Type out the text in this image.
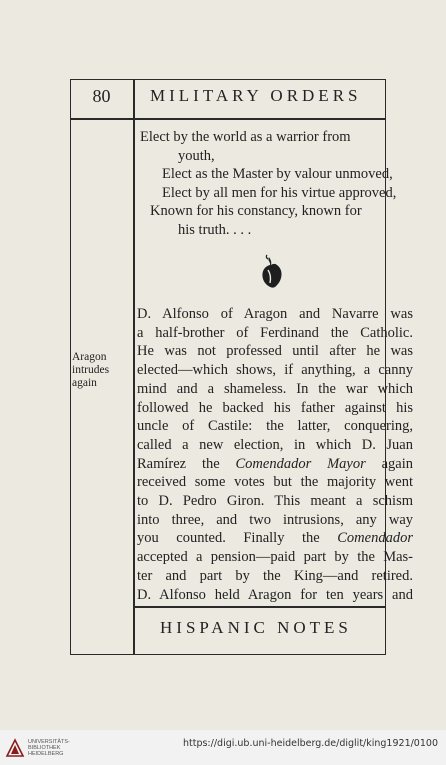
80	MILITARY ORDERS
Elect by the world as a warrior from
youth,
Elect as the Master by valour unmoved,
Elect by all men for his virtue approved,
Known for his constancy, known for
his truth. . . .
Aragon
intrudes
again
D. Alfonso of Aragon and Navarre was
a half-brother of Ferdinand the Catholic.
He was not professed until after he was
elected—which shows, if anything, a canny
mind and a shameless. In the war which
followed he backed his father against his
uncle of Castile: the latter, conquering,
called a new election, in which D. Juan
Ramírez the Comendador Mayor again
received some votes but the majority went
to D. Pedro Giron. This meant a schism
into three, and two intrusions, any way
you counted. Finally the Comendador
accepted a pension—paid part by the Mas-
ter and part by the King—and retired.
D. Alfonso held Aragon for ten years and
HISPANIC NOTES
UNIVERSITÄTS-
BIBLIOTHEK
HEIDELBERG
https://digi.ub.uni-heidelberg.de/diglit/king1921/0100
